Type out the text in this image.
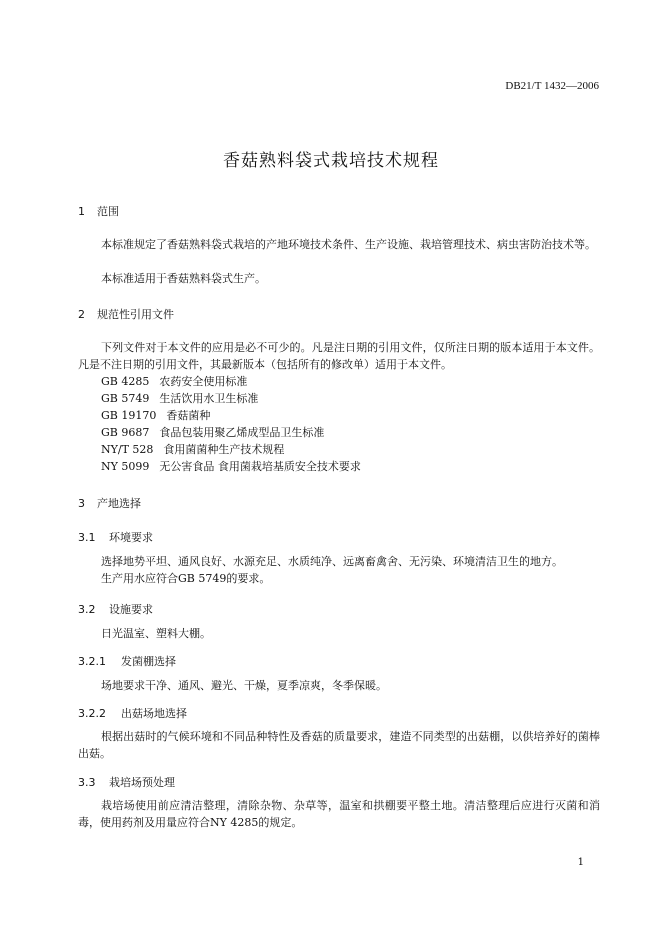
DB21/T 1432—2006
香菇熟料袋式栽培技术规程
1 范围
本标准规定了香菇熟料袋式栽培的产地环境技术条件、生产设施、栽培管理技术、病虫害防治技术等。
本标准适用于香菇熟料袋式生产。
2 规范性引用文件
下列文件对于本文件的应用是必不可少的。凡是注日期的引用文件，仅所注日期的版本适用于本文件。凡是不注日期的引用文件，其最新版本（包括所有的修改单）适用于本文件。
GB 4285 农药安全使用标准
GB 5749 生活饮用水卫生标准
GB 19170 香菇菌种
GB 9687 食品包装用聚乙烯成型品卫生标准
NY/T 528 食用菌菌种生产技术规程
NY 5099 无公害食品 食用菌栽培基质安全技术要求
3 产地选择
3.1 环境要求
选择地势平坦、通风良好、水源充足、水质纯净、远离畜禽舍、无污染、环境清洁卫生的地方。
生产用水应符合GB 5749的要求。
3.2 设施要求
日光温室、塑料大棚。
3.2.1 发菌棚选择
场地要求干净、通风、避光、干燥，夏季凉爽，冬季保暖。
3.2.2 出菇场地选择
根据出菇时的气候环境和不同品种特性及香菇的质量要求，建造不同类型的出菇棚，以供培养好的菌棒出菇。
3.3 栽培场预处理
栽培场使用前应清洁整理，清除杂物、杂草等，温室和拱棚要平整土地。清洁整理后应进行灭菌和消毒，使用药剂及用量应符合NY 4285的规定。
1
